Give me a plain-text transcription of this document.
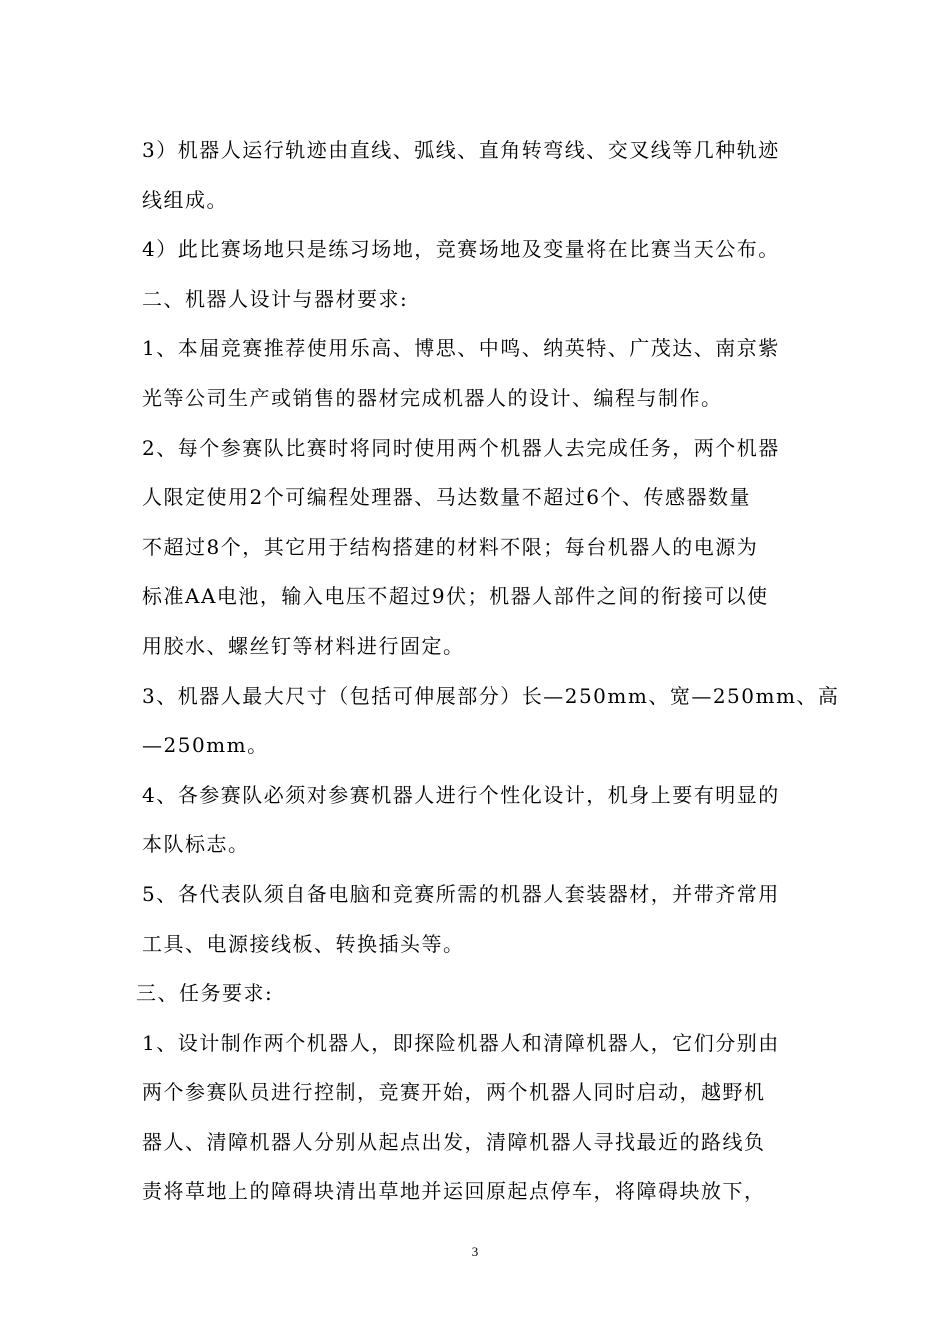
3）机器人运行轨迹由直线、弧线、直角转弯线、交叉线等几种轨迹
线组成。
4）此比赛场地只是练习场地，竞赛场地及变量将在比赛当天公布。
二、机器人设计与器材要求:
1、本届竞赛推荐使用乐高、博思、中鸣、纳英特、广茂达、南京紫
光等公司生产或销售的器材完成机器人的设计、编程与制作。
2、每个参赛队比赛时将同时使用两个机器人去完成任务，两个机器
人限定使用2个可编程处理器、马达数量不超过6个、传感器数量
不超过8个，其它用于结构搭建的材料不限；每台机器人的电源为
标准AA电池，输入电压不超过9伏；机器人部件之间的衔接可以使
用胶水、螺丝钉等材料进行固定。
3、机器人最大尺寸（包括可伸展部分）长—250mm、宽—250mm、高
—250mm。
4、各参赛队必须对参赛机器人进行个性化设计，机身上要有明显的
本队标志。
5、各代表队须自备电脑和竞赛所需的机器人套装器材，并带齐常用
工具、电源接线板、转换插头等。
三、任务要求:
1、设计制作两个机器人，即探险机器人和清障机器人，它们分别由
两个参赛队员进行控制，竞赛开始，两个机器人同时启动，越野机
器人、清障机器人分别从起点出发，清障机器人寻找最近的路线负
责将草地上的障碍块清出草地并运回原起点停车，将障碍块放下，
3
